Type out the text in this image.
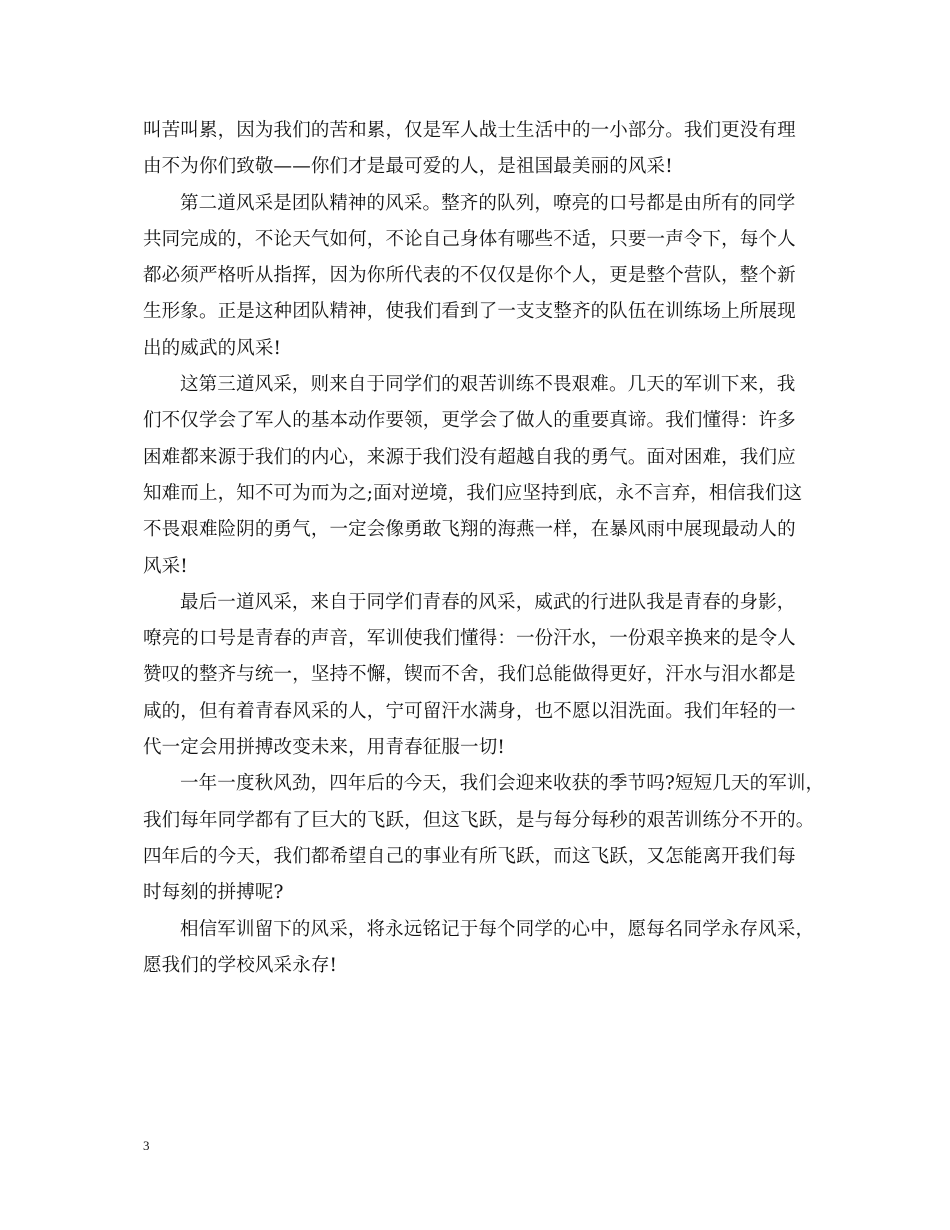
叫苦叫累，因为我们的苦和累，仅是军人战士生活中的一小部分。我们更没有理
由不为你们致敬——你们才是最可爱的人，是祖国最美丽的风采!
第二道风采是团队精神的风采。整齐的队列，嘹亮的口号都是由所有的同学
共同完成的，不论天气如何，不论自己身体有哪些不适，只要一声令下，每个人
都必须严格听从指挥，因为你所代表的不仅仅是你个人，更是整个营队，整个新
生形象。正是这种团队精神，使我们看到了一支支整齐的队伍在训练场上所展现
出的威武的风采!
这第三道风采，则来自于同学们的艰苦训练不畏艰难。几天的军训下来，我
们不仅学会了军人的基本动作要领，更学会了做人的重要真谛。我们懂得：许多
困难都来源于我们的内心，来源于我们没有超越自我的勇气。面对困难，我们应
知难而上，知不可为而为之;面对逆境，我们应坚持到底，永不言弃，相信我们这
不畏艰难险阴的勇气，一定会像勇敢飞翔的海燕一样，在暴风雨中展现最动人的
风采!
最后一道风采，来自于同学们青春的风采，威武的行进队我是青春的身影，
嘹亮的口号是青春的声音，军训使我们懂得：一份汗水，一份艰辛换来的是令人
赞叹的整齐与统一，坚持不懈，锲而不舍，我们总能做得更好，汗水与泪水都是
咸的，但有着青春风采的人，宁可留汗水满身，也不愿以泪洗面。我们年轻的一
代一定会用拼搏改变未来，用青春征服一切!
一年一度秋风劲，四年后的今天，我们会迎来收获的季节吗?短短几天的军训，
我们每年同学都有了巨大的飞跃，但这飞跃，是与每分每秒的艰苦训练分不开的。
四年后的今天，我们都希望自己的事业有所飞跃，而这飞跃，又怎能离开我们每
时每刻的拼搏呢?
相信军训留下的风采，将永远铭记于每个同学的心中，愿每名同学永存风采，
愿我们的学校风采永存!
3
